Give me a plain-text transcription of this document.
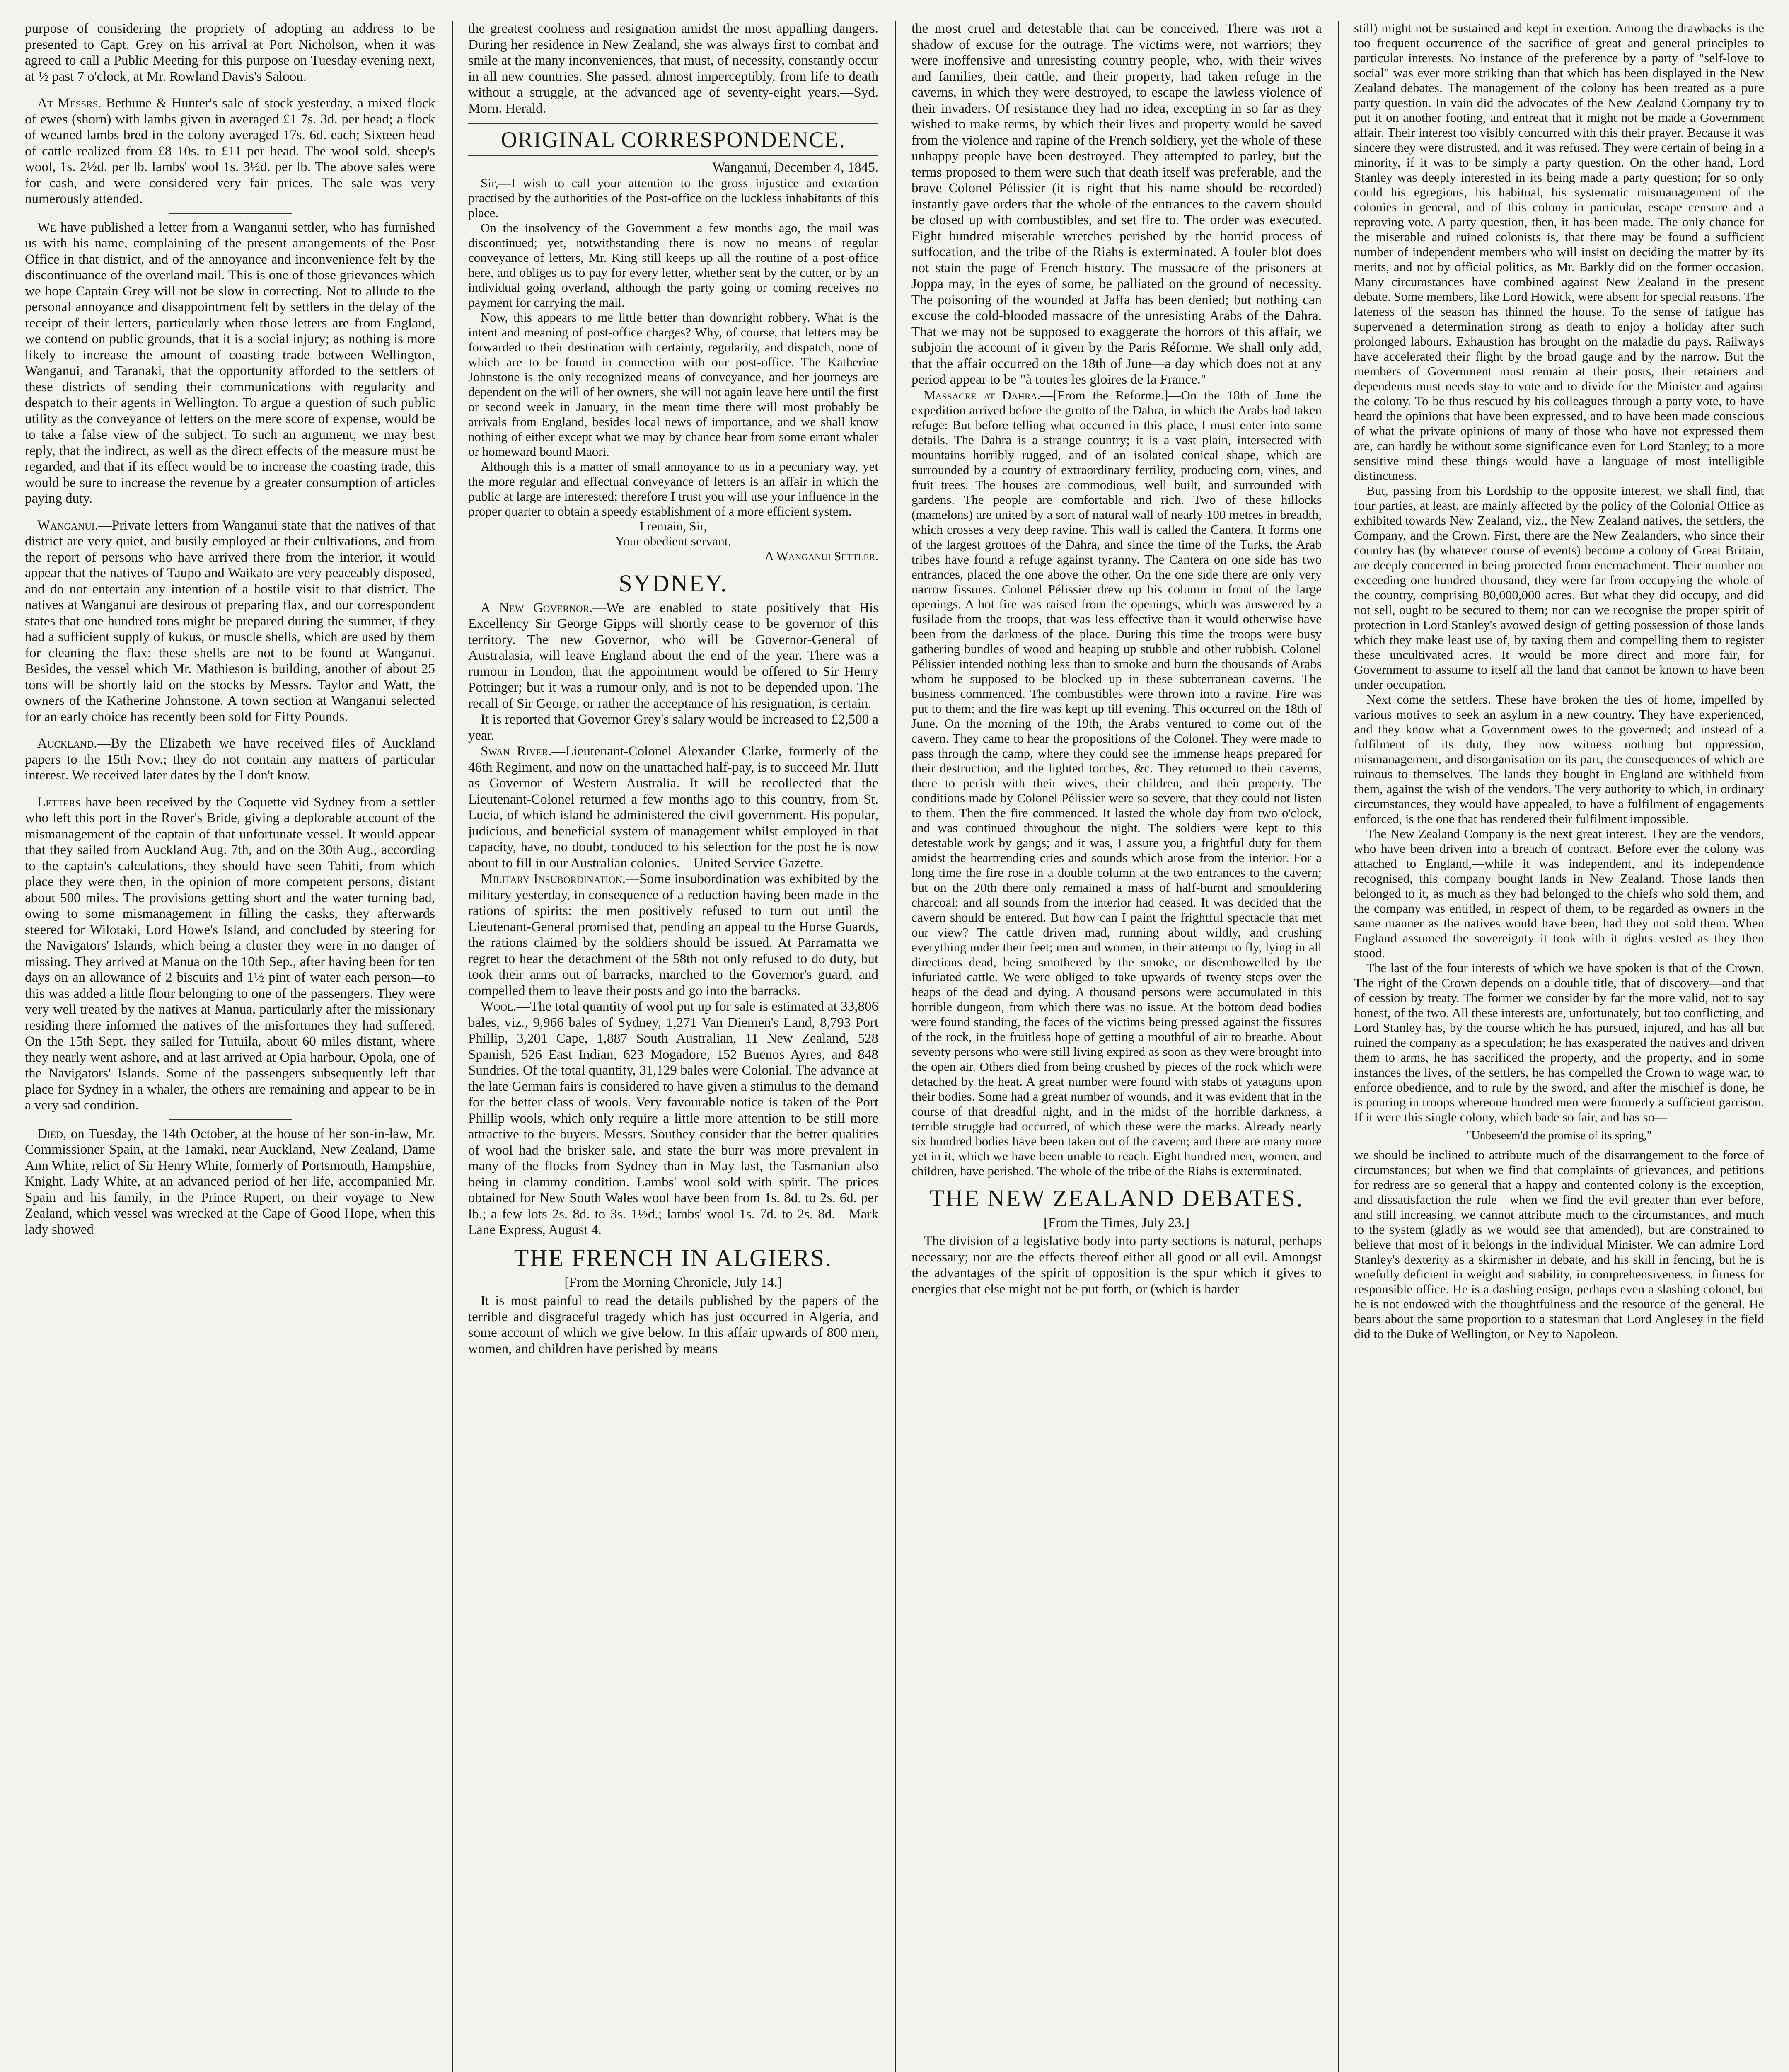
purpose of considering the propriety of adopting an address to be presented to Capt. Grey on his arrival at Port Nicholson, when it was agreed to call a Public Meeting for this purpose on Tuesday evening next, at ½ past 7 o'clock, at Mr. Rowland Davis's Saloon.

At Messrs. Bethune & Hunter's sale of stock yesterday, a mixed flock of ewes (shorn) with lambs given in averaged £1 7s. 3d. per head; a flock of weaned lambs bred in the colony averaged 17s. 6d. each; Sixteen head of cattle realized from £8 10s. to £11 per head. The wool sold, sheep's wool, 1s. 2½d. per lb. lambs' wool 1s. 3½d. per lb. The above sales were for cash, and were considered very fair prices. The sale was very numerously attended.

We have published a letter from a Wanganui settler, who has furnished us with his name, complaining of the present arrangements of the Post Office in that district, and of the annoyance and inconvenience felt by the discontinuance of the overland mail. This is one of those grievances which we hope Captain Grey will not be slow in correcting. Not to allude to the personal annoyance and disappointment felt by settlers in the delay of the receipt of their letters, particularly when those letters are from England, we contend on public grounds, that it is a social injury; as nothing is more likely to increase the amount of coasting trade between Wellington, Wanganui, and Taranaki, that the opportunity afforded to the settlers of these districts of sending their communications with regularity and despatch to their agents in Wellington. To argue a question of such public utility as the conveyance of letters on the mere score of expense, would be to take a false view of the subject. To such an argument, we may best reply, that the indirect, as well as the direct effects of the measure must be regarded, and that if its effect would be to increase the coasting trade, this would be sure to increase the revenue by a greater consumption of articles paying duty.

Wanganui.—Private letters from Wanganui state that the natives of that district are very quiet, and busily employed at their cultivations, and from the report of persons who have arrived there from the interior, it would appear that the natives of Taupo and Waikato are very peaceably disposed, and do not entertain any intention of a hostile visit to that district. The natives at Wanganui are desirous of preparing flax, and our correspondent states that one hundred tons might be prepared during the summer, if they had a sufficient supply of kukus, or muscle shells, which are used by them for cleaning the flax: these shells are not to be found at Wanganui. Besides, the vessel which Mr. Mathieson is building, another of about 25 tons will be shortly laid on the stocks by Messrs. Taylor and Watt, the owners of the Katherine Johnstone. A town section at Wanganui selected for an early choice has recently been sold for Fifty Pounds.

Auckland.—By the Elizabeth we have received files of Auckland papers to the 15th Nov.; they do not contain any matters of particular interest. We received later dates by the I don't know.

Letters have been received by the Coquette vid Sydney from a settler who left this port in the Rover's Bride, giving a deplorable account of the mismanagement of the captain of that unfortunate vessel. It would appear that they sailed from Auckland Aug. 7th, and on the 30th Aug., according to the captain's calculations, they should have seen Tahiti, from which place they were then, in the opinion of more competent persons, distant about 500 miles. The provisions getting short and the water turning bad, owing to some mismanagement in filling the casks, they afterwards steered for Wilotaki, Lord Howe's Island, and concluded by steering for the Navigators' Islands, which being a cluster they were in no danger of missing. They arrived at Manua on the 10th Sep., after having been for ten days on an allowance of 2 biscuits and 1½ pint of water each person—to this was added a little flour belonging to one of the passengers. They were very well treated by the natives at Manua, particularly after the missionary residing there informed the natives of the misfortunes they had suffered. On the 15th Sept. they sailed for Tutuila, about 60 miles distant, where they nearly went ashore, and at last arrived at Opia harbour, Opola, one of the Navigators' Islands. Some of the passengers subsequently left that place for Sydney in a whaler, the others are remaining and appear to be in a very sad condition.

Died, on Tuesday, the 14th October, at the house of her son-in-law, Mr. Commissioner Spain, at the Tamaki, near Auckland, New Zealand, Dame Ann White, relict of Sir Henry White, formerly of Portsmouth, Hampshire, Knight. Lady White, at an advanced period of her life, accompanied Mr. Spain and his family, in the Prince Rupert, on their voyage to New Zealand, which vessel was wrecked at the Cape of Good Hope, when this lady showed

the greatest coolness and resignation amidst the most appalling dangers. During her residence in New Zealand, she was always first to combat and smile at the many inconveniences, that must, of necessity, constantly occur in all new countries. She passed, almost imperceptibly, from life to death without a struggle, at the advanced age of seventy-eight years.—Syd. Morn. Herald.

ORIGINAL CORRESPONDENCE.

Wanganui, December 4, 1845.

Sir,—I wish to call your attention to the gross injustice and extortion practised by the authorities of the Post-office on the luckless inhabitants of this place.

On the insolvency of the Government a few months ago, the mail was discontinued; yet, notwithstanding there is now no means of regular conveyance of letters, Mr. King still keeps up all the routine of a post-office here, and obliges us to pay for every letter, whether sent by the cutter, or by an individual going overland, although the party going or coming receives no payment for carrying the mail.

Now, this appears to me little better than downright robbery. What is the intent and meaning of post-office charges? Why, of course, that letters may be forwarded to their destination with certainty, regularity, and dispatch, none of which are to be found in connection with our post-office. The Katherine Johnstone is the only recognized means of conveyance, and her journeys are dependent on the will of her owners, she will not again leave here until the first or second week in January, in the mean time there will most probably be arrivals from England, besides local news of importance, and we shall know nothing of either except what we may by chance hear from some errant whaler or homeward bound Maori.

Although this is a matter of small annoyance to us in a pecuniary way, yet the more regular and effectual conveyance of letters is an affair in which the public at large are interested; therefore I trust you will use your influence in the proper quarter to obtain a speedy establishment of a more efficient system.

I remain, Sir,

Your obedient servant,

A Wanganui Settler.

SYDNEY.

A New Governor.—We are enabled to state positively that His Excellency Sir George Gipps will shortly cease to be governor of this territory. The new Governor, who will be Governor-General of Australasia, will leave England about the end of the year. There was a rumour in London, that the appointment would be offered to Sir Henry Pottinger; but it was a rumour only, and is not to be depended upon. The recall of Sir George, or rather the acceptance of his resignation, is certain.

It is reported that Governor Grey's salary would be increased to £2,500 a year.

Swan River.—Lieutenant-Colonel Alexander Clarke, formerly of the 46th Regiment, and now on the unattached half-pay, is to succeed Mr. Hutt as Governor of Western Australia. It will be recollected that the Lieutenant-Colonel returned a few months ago to this country, from St. Lucia, of which island he administered the civil government. His popular, judicious, and beneficial system of management whilst employed in that capacity, have, no doubt, conduced to his selection for the post he is now about to fill in our Australian colonies.—United Service Gazette.

Military Insubordination.—Some insubordination was exhibited by the military yesterday, in consequence of a reduction having been made in the rations of spirits: the men positively refused to turn out until the Lieutenant-General promised that, pending an appeal to the Horse Guards, the rations claimed by the soldiers should be issued. At Parramatta we regret to hear the detachment of the 58th not only refused to do duty, but took their arms out of barracks, marched to the Governor's guard, and compelled them to leave their posts and go into the barracks.

Wool.—The total quantity of wool put up for sale is estimated at 33,806 bales, viz., 9,966 bales of Sydney, 1,271 Van Diemen's Land, 8,793 Port Phillip, 3,201 Cape, 1,887 South Australian, 11 New Zealand, 528 Spanish, 526 East Indian, 623 Mogadore, 152 Buenos Ayres, and 848 Sundries. Of the total quantity, 31,129 bales were Colonial. The advance at the late German fairs is considered to have given a stimulus to the demand for the better class of wools. Very favourable notice is taken of the Port Phillip wools, which only require a little more attention to be still more attractive to the buyers. Messrs. Southey consider that the better qualities of wool had the brisker sale, and state the burr was more prevalent in many of the flocks from Sydney than in May last, the Tasmanian also being in clammy condition. Lambs' wool sold with spirit. The prices obtained for New South Wales wool have been from 1s. 8d. to 2s. 6d. per lb.; a few lots 2s. 8d. to 3s. 1½d.; lambs' wool 1s. 7d. to 2s. 8d.—Mark Lane Express, August 4.

THE FRENCH IN ALGIERS.

[From the Morning Chronicle, July 14.]

It is most painful to read the details published by the papers of the terrible and disgraceful tragedy which has just occurred in Algeria, and some account of which we give below. In this affair upwards of 800 men, women, and children have perished by means

the most cruel and detestable that can be conceived. There was not a shadow of excuse for the outrage. The victims were, not warriors; they were inoffensive and unresisting country people, who, with their wives and families, their cattle, and their property, had taken refuge in the caverns, in which they were destroyed, to escape the lawless violence of their invaders. Of resistance they had no idea, excepting in so far as they wished to make terms, by which their lives and property would be saved from the violence and rapine of the French soldiery, yet the whole of these unhappy people have been destroyed. They attempted to parley, but the terms proposed to them were such that death itself was preferable, and the brave Colonel Pélissier (it is right that his name should be recorded) instantly gave orders that the whole of the entrances to the cavern should be closed up with combustibles, and set fire to. The order was executed. Eight hundred miserable wretches perished by the horrid process of suffocation, and the tribe of the Riahs is exterminated. A fouler blot does not stain the page of French history. The massacre of the prisoners at Joppa may, in the eyes of some, be palliated on the ground of necessity. The poisoning of the wounded at Jaffa has been denied; but nothing can excuse the cold-blooded massacre of the unresisting Arabs of the Dahra. That we may not be supposed to exaggerate the horrors of this affair, we subjoin the account of it given by the Paris Réforme. We shall only add, that the affair occurred on the 18th of June—a day which does not at any period appear to be "à toutes les gloires de la France."

Massacre at Dahra.—[From the Reforme.]—On the 18th of June the expedition arrived before the grotto of the Dahra, in which the Arabs had taken refuge: But before telling what occurred in this place, I must enter into some details. The Dahra is a strange country; it is a vast plain, intersected with mountains horribly rugged, and of an isolated conical shape, which are surrounded by a country of extraordinary fertility, producing corn, vines, and fruit trees. The houses are commodious, well built, and surrounded with gardens. The people are comfortable and rich. Two of these hillocks (mamelons) are united by a sort of natural wall of nearly 100 metres in breadth, which crosses a very deep ravine. This wall is called the Cantera. It forms one of the largest grottoes of the Dahra, and since the time of the Turks, the Arab tribes have found a refuge against tyranny. The Cantera on one side has two entrances, placed the one above the other. On the one side there are only very narrow fissures. Colonel Pélissier drew up his column in front of the large openings. A hot fire was raised from the openings, which was answered by a fusilade from the troops, that was less effective than it would otherwise have been from the darkness of the place. During this time the troops were busy gathering bundles of wood and heaping up stubble and other rubbish. Colonel Pélissier intended nothing less than to smoke and burn the thousands of Arabs whom he supposed to be blocked up in these subterranean caverns. The business commenced. The combustibles were thrown into a ravine. Fire was put to them; and the fire was kept up till evening. This occurred on the 18th of June. On the morning of the 19th, the Arabs ventured to come out of the cavern. They came to hear the propositions of the Colonel. They were made to pass through the camp, where they could see the immense heaps prepared for their destruction, and the lighted torches, &c. They returned to their caverns, there to perish with their wives, their children, and their property. The conditions made by Colonel Pélissier were so severe, that they could not listen to them. Then the fire commenced. It lasted the whole day from two o'clock, and was continued throughout the night. The soldiers were kept to this detestable work by gangs; and it was, I assure you, a frightful duty for them amidst the heartrending cries and sounds which arose from the interior. For a long time the fire rose in a double column at the two entrances to the cavern; but on the 20th there only remained a mass of half-burnt and smouldering charcoal; and all sounds from the interior had ceased. It was decided that the cavern should be entered. But how can I paint the frightful spectacle that met our view? The cattle driven mad, running about wildly, and crushing everything under their feet; men and women, in their attempt to fly, lying in all directions dead, being smothered by the smoke, or disembowelled by the infuriated cattle. We were obliged to take upwards of twenty steps over the heaps of the dead and dying. A thousand persons were accumulated in this horrible dungeon, from which there was no issue. At the bottom dead bodies were found standing, the faces of the victims being pressed against the fissures of the rock, in the fruitless hope of getting a mouthful of air to breathe. About seventy persons who were still living expired as soon as they were brought into the open air. Others died from being crushed by pieces of the rock which were detached by the heat. A great number were found with stabs of yataguns upon their bodies. Some had a great number of wounds, and it was evident that in the course of that dreadful night, and in the midst of the horrible darkness, a terrible struggle had occurred, of which these were the marks. Already nearly six hundred bodies have been taken out of the cavern; and there are many more yet in it, which we have been unable to reach. Eight hundred men, women, and children, have perished. The whole of the tribe of the Riahs is exterminated.

THE NEW ZEALAND DEBATES.

[From the Times, July 23.]

The division of a legislative body into party sections is natural, perhaps necessary; nor are the effects thereof either all good or all evil. Amongst the advantages of the spirit of opposition is the spur which it gives to energies that else might not be put forth, or (which is harder

still) might not be sustained and kept in exertion. Among the drawbacks is the too frequent occurrence of the sacrifice of great and general principles to particular interests. No instance of the preference by a party of "self-love to social" was ever more striking than that which has been displayed in the New Zealand debates. The management of the colony has been treated as a pure party question. In vain did the advocates of the New Zealand Company try to put it on another footing, and entreat that it might not be made a Government affair. Their interest too visibly concurred with this their prayer. Because it was sincere they were distrusted, and it was refused. They were certain of being in a minority, if it was to be simply a party question. On the other hand, Lord Stanley was deeply interested in its being made a party question; for so only could his egregious, his habitual, his systematic mismanagement of the colonies in general, and of this colony in particular, escape censure and a reproving vote. A party question, then, it has been made. The only chance for the miserable and ruined colonists is, that there may be found a sufficient number of independent members who will insist on deciding the matter by its merits, and not by official politics, as Mr. Barkly did on the former occasion. Many circumstances have combined against New Zealand in the present debate. Some members, like Lord Howick, were absent for special reasons. The lateness of the season has thinned the house. To the sense of fatigue has supervened a determination strong as death to enjoy a holiday after such prolonged labours. Exhaustion has brought on the maladie du pays. Railways have accelerated their flight by the broad gauge and by the narrow. But the members of Government must remain at their posts, their retainers and dependents must needs stay to vote and to divide for the Minister and against the colony. To be thus rescued by his colleagues through a party vote, to have heard the opinions that have been expressed, and to have been made conscious of what the private opinions of many of those who have not expressed them are, can hardly be without some significance even for Lord Stanley; to a more sensitive mind these things would have a language of most intelligible distinctness.

But, passing from his Lordship to the opposite interest, we shall find, that four parties, at least, are mainly affected by the policy of the Colonial Office as exhibited towards New Zealand, viz., the New Zealand natives, the settlers, the Company, and the Crown. First, there are the New Zealanders, who since their country has (by whatever course of events) become a colony of Great Britain, are deeply concerned in being protected from encroachment. Their number not exceeding one hundred thousand, they were far from occupying the whole of the country, comprising 80,000,000 acres. But what they did occupy, and did not sell, ought to be secured to them; nor can we recognise the proper spirit of protection in Lord Stanley's avowed design of getting possession of those lands which they make least use of, by taxing them and compelling them to register these uncultivated acres. It would be more direct and more fair, for Government to assume to itself all the land that cannot be known to have been under occupation.

Next come the settlers. These have broken the ties of home, impelled by various motives to seek an asylum in a new country. They have experienced, and they know what a Government owes to the governed; and instead of a fulfilment of its duty, they now witness nothing but oppression, mismanagement, and disorganisation on its part, the consequences of which are ruinous to themselves. The lands they bought in England are withheld from them, against the wish of the vendors. The very authority to which, in ordinary circumstances, they would have appealed, to have a fulfilment of engagements enforced, is the one that has rendered their fulfilment impossible.

The New Zealand Company is the next great interest. They are the vendors, who have been driven into a breach of contract. Before ever the colony was attached to England,—while it was independent, and its independence recognised, this company bought lands in New Zealand. Those lands then belonged to it, as much as they had belonged to the chiefs who sold them, and the company was entitled, in respect of them, to be regarded as owners in the same manner as the natives would have been, had they not sold them. When England assumed the sovereignty it took with it rights vested as they then stood.

The last of the four interests of which we have spoken is that of the Crown. The right of the Crown depends on a double title, that of discovery—and that of cession by treaty. The former we consider by far the more valid, not to say honest, of the two. All these interests are, unfortunately, but too conflicting, and Lord Stanley has, by the course which he has pursued, injured, and has all but ruined the company as a speculation; he has exasperated the natives and driven them to arms, he has sacrificed the property, and the property, and in some instances the lives, of the settlers, he has compelled the Crown to wage war, to enforce obedience, and to rule by the sword, and after the mischief is done, he is pouring in troops whereone hundred men were formerly a sufficient garrison. If it were this single colony, which bade so fair, and has so—

"Unbeseem'd the promise of its spring,"

we should be inclined to attribute much of the disarrangement to the force of circumstances; but when we find that complaints of grievances, and petitions for redress are so general that a happy and contented colony is the exception, and dissatisfaction the rule—when we find the evil greater than ever before, and still increasing, we cannot attribute much to the circumstances, and much to the system (gladly as we would see that amended), but are constrained to believe that most of it belongs in the individual Minister. We can admire Lord Stanley's dexterity as a skirmisher in debate, and his skill in fencing, but he is woefully deficient in weight and stability, in comprehensiveness, in fitness for responsible office. He is a dashing ensign, perhaps even a slashing colonel, but he is not endowed with the thoughtfulness and the resource of the general. He bears about the same proportion to a statesman that Lord Anglesey in the field did to the Duke of Wellington, or Ney to Napoleon.
